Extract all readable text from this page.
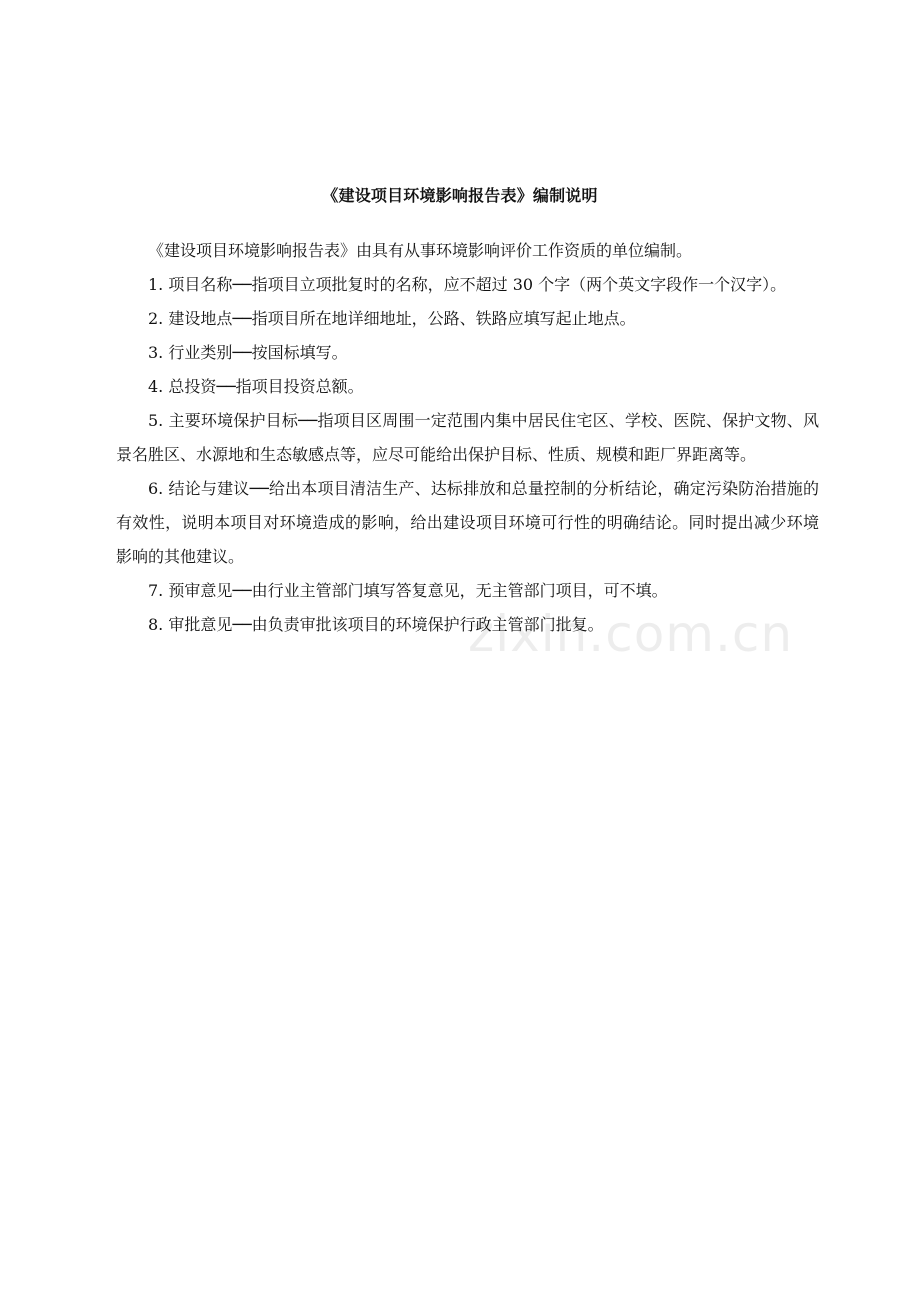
《建设项目环境影响报告表》编制说明

《建设项目环境影响报告表》由具有从事环境影响评价工作资质的单位编制。

1. 项目名称──指项目立项批复时的名称，应不超过 30 个字（两个英文字段作一个汉字）。

2. 建设地点──指项目所在地详细地址，公路、铁路应填写起止地点。

3. 行业类别──按国标填写。

4. 总投资──指项目投资总额。

5. 主要环境保护目标──指项目区周围一定范围内集中居民住宅区、学校、医院、保护文物、风景名胜区、水源地和生态敏感点等，应尽可能给出保护目标、性质、规模和距厂界距离等。

6. 结论与建议──给出本项目清洁生产、达标排放和总量控制的分析结论，确定污染防治措施的有效性，说明本项目对环境造成的影响，给出建设项目环境可行性的明确结论。同时提出减少环境影响的其他建议。

7. 预审意见──由行业主管部门填写答复意见，无主管部门项目，可不填。

8. 审批意见──由负责审批该项目的环境保护行政主管部门批复。

zixin.com.cn
